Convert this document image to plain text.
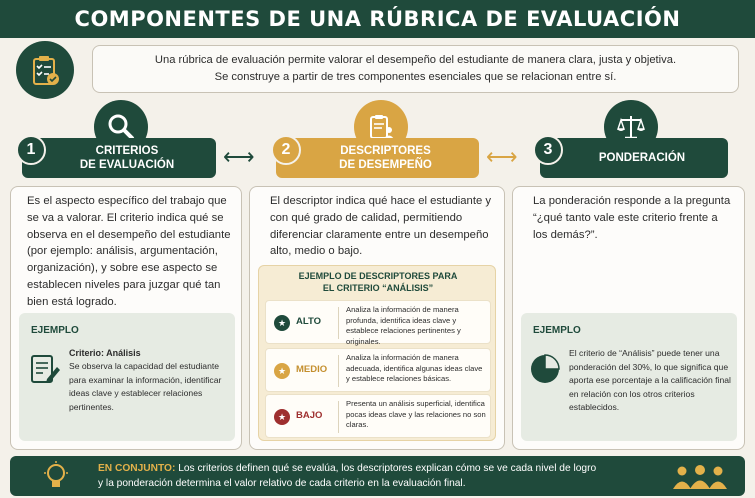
COMPONENTES DE UNA RÚBRICA DE EVALUACIÓN

Una rúbrica de evaluación permite valorar el desempeño del estudiante de manera clara, justa y objetiva.

Se construye a partir de tres componentes esenciales que se relacionan entre sí.

CRITERIOS
DE EVALUACIÓN
1	⟷	DESCRIPTORES
DE DESEMPEÑO
2	⟷	PONDERACIÓN
3
Es el aspecto específico del trabajo que se va a valorar. El criterio indica qué se observa en el desempeño del estudiante (por ejemplo: análisis, argumentación, organización), y sobre ese aspecto se establecen niveles para juzgar qué tan bien está logrado.
EJEMPLO
Criterio: Análisis
Se observa la capacidad del estudiante para examinar la información, identificar ideas clave y establecer relaciones pertinentes.
El descriptor indica qué hace el estudiante y con qué grado de calidad, permitiendo diferenciar claramente entre un desempeño alto, medio o bajo.
EJEMPLO DE DESCRIPTORES PARA
EL CRITERIO “ANÁLISIS”
★	ALTO
Analiza la información de manera profunda, identifica ideas clave y establece relaciones pertinentes y originales.
★	MEDIO
Analiza la información de manera adecuada, identifica algunas ideas clave y establece relaciones básicas.
★	BAJO
Presenta un análisis superficial, identifica pocas ideas clave y las relaciones no son claras.
La ponderación responde a la pregunta “¿qué tanto vale este criterio frente a los demás?”.
EJEMPLO
El criterio de “Análisis” puede tener una ponderación del 30%, lo que significa que aporta ese porcentaje a la calificación final en relación con los otros criterios establecidos.

EN CONJUNTO: Los criterios definen qué se evalúa, los descriptores explican cómo se ve cada nivel de logro
y la ponderación determina el valor relativo de cada criterio en la evaluación final.
